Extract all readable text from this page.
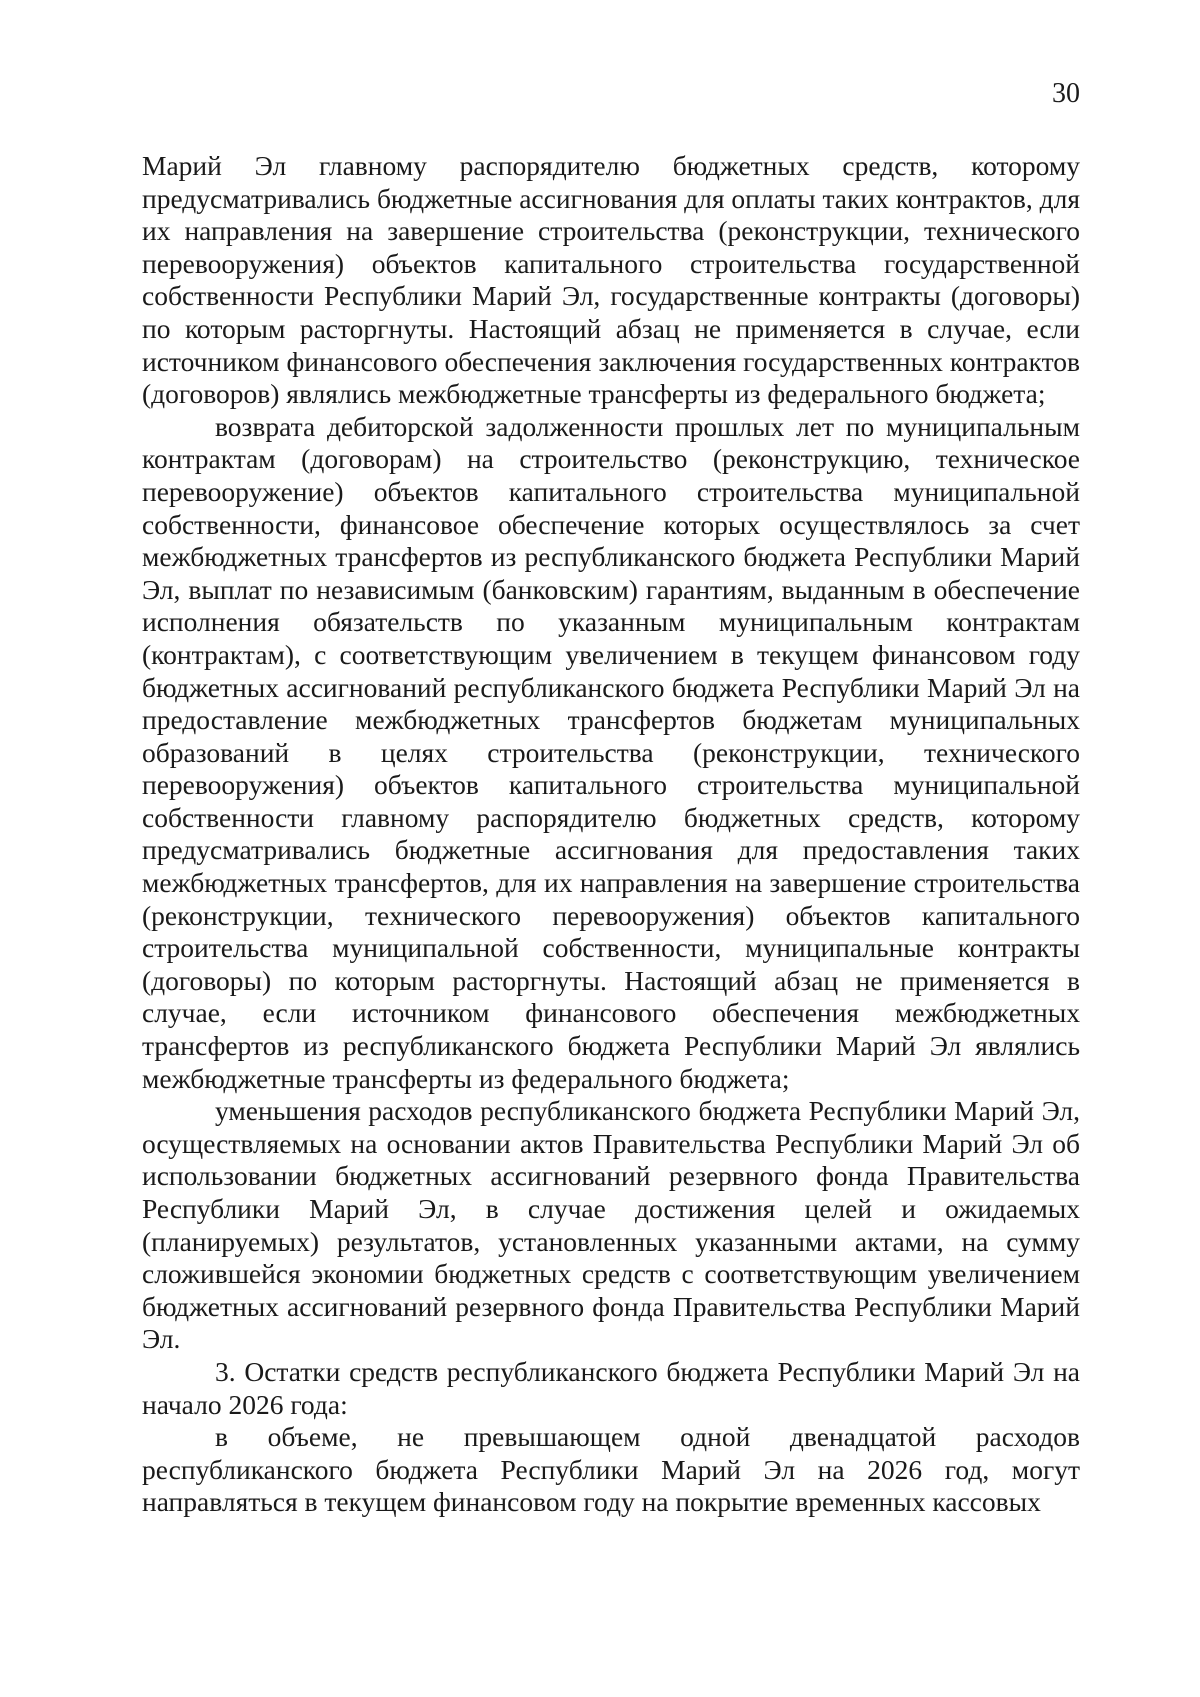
30

Марий Эл главному распорядителю бюджетных средств, которому предусматривались бюджетные ассигнования для оплаты таких контрактов, для их направления на завершение строительства (реконструкции, технического перевооружения) объектов капитального строительства государственной собственности Республики Марий Эл, государственные контракты (договоры) по которым расторгнуты. Настоящий абзац не применяется в случае, если источником финансового обеспечения заключения государственных контрактов (договоров) являлись межбюджетные трансферты из федерального бюджета;

возврата дебиторской задолженности прошлых лет по муниципальным контрактам (договорам) на строительство (реконструкцию, техническое перевооружение) объектов капитального строительства муниципальной собственности, финансовое обеспечение которых осуществлялось за счет межбюджетных трансфертов из республиканского бюджета Республики Марий Эл, выплат по независимым (банковским) гарантиям, выданным в обеспечение исполнения обязательств по указанным муниципальным контрактам (контрактам), с соответствующим увеличением в текущем финансовом году бюджетных ассигнований республиканского бюджета Республики Марий Эл на предоставление межбюджетных трансфертов бюджетам муниципальных образований в целях строительства (реконструкции, технического перевооружения) объектов капитального строительства муниципальной собственности главному распорядителю бюджетных средств, которому предусматривались бюджетные ассигнования для предоставления таких межбюджетных трансфертов, для их направления на завершение строительства (реконструкции, технического перевооружения) объектов капитального строительства муниципальной собственности, муниципальные контракты (договоры) по которым расторгнуты. Настоящий абзац не применяется в случае, если источником финансового обеспечения межбюджетных трансфертов из республиканского бюджета Республики Марий Эл являлись межбюджетные трансферты из федерального бюджета;

уменьшения расходов республиканского бюджета Республики Марий Эл, осуществляемых на основании актов Правительства Республики Марий Эл об использовании бюджетных ассигнований резервного фонда Правительства Республики Марий Эл, в случае достижения целей и ожидаемых (планируемых) результатов, установленных указанными актами, на сумму сложившейся экономии бюджетных средств с соответствующим увеличением бюджетных ассигнований резервного фонда Правительства Республики Марий Эл.

3. Остатки средств республиканского бюджета Республики Марий Эл на начало 2026 года:

в объеме, не превышающем одной двенадцатой расходов республиканского бюджета Республики Марий Эл на 2026 год, могут направляться в текущем финансовом году на покрытие временных кассовых
